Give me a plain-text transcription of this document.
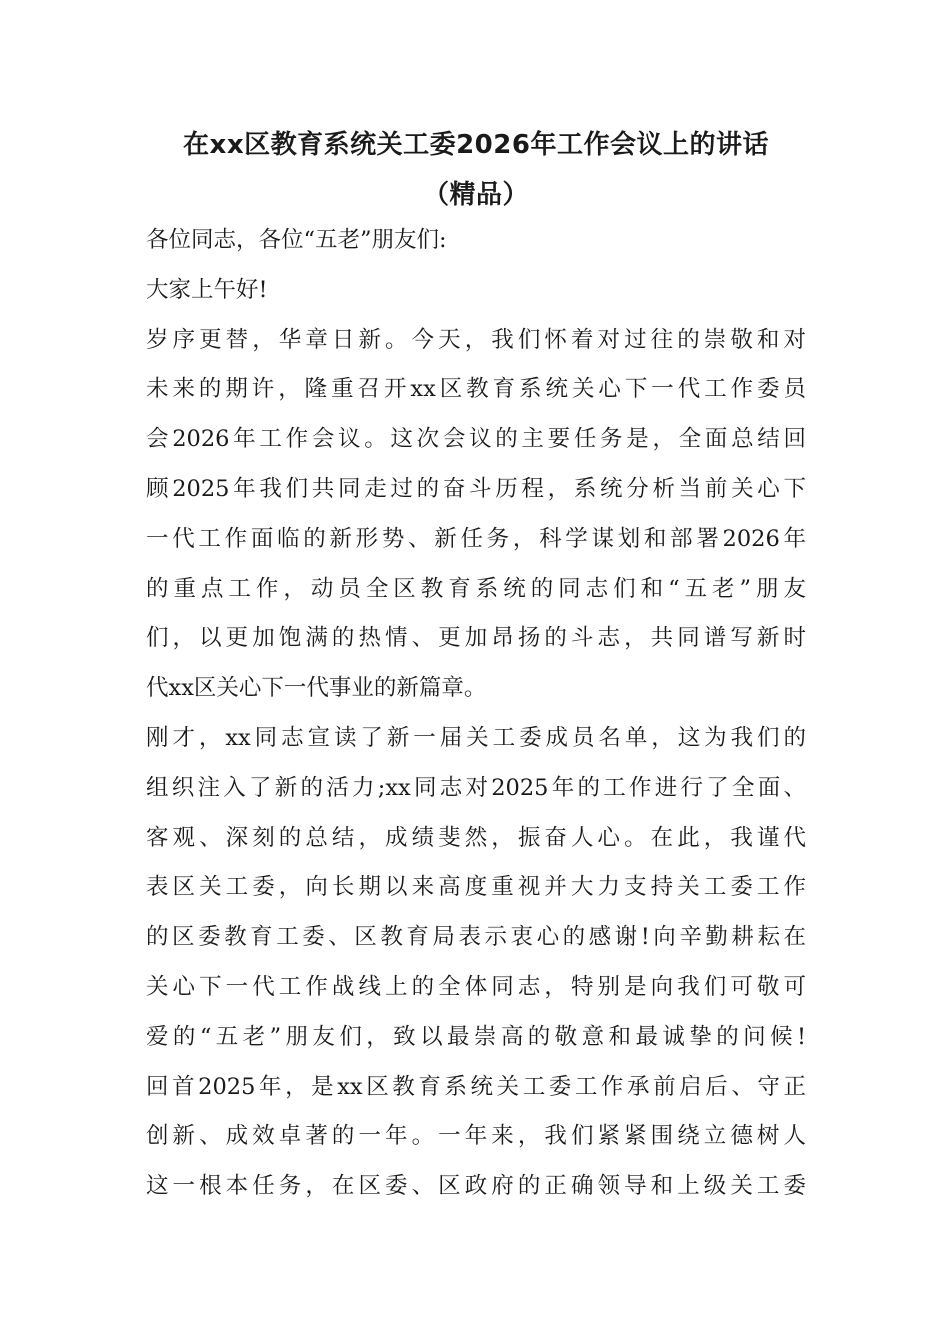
在xx区教育系统关工委2026年工作会议上的讲话
（精品）
各位同志，各位“五老”朋友们:
大家上午好!
岁序更替，华章日新。今天，我们怀着对过往的崇敬和对
未来的期许，隆重召开xx区教育系统关心下一代工作委员
会2026年工作会议。这次会议的主要任务是，全面总结回
顾2025年我们共同走过的奋斗历程，系统分析当前关心下
一代工作面临的新形势、新任务，科学谋划和部署2026年
的重点工作，动员全区教育系统的同志们和“五老”朋友
们，以更加饱满的热情、更加昂扬的斗志，共同谱写新时
代xx区关心下一代事业的新篇章。
刚才，xx同志宣读了新一届关工委成员名单，这为我们的
组织注入了新的活力;xx同志对2025年的工作进行了全面、
客观、深刻的总结，成绩斐然，振奋人心。在此，我谨代
表区关工委，向长期以来高度重视并大力支持关工委工作
的区委教育工委、区教育局表示衷心的感谢!向辛勤耕耘在
关心下一代工作战线上的全体同志，特别是向我们可敬可
爱的“五老”朋友们，致以最崇高的敬意和最诚挚的问候!
回首2025年，是xx区教育系统关工委工作承前启后、守正
创新、成效卓著的一年。一年来，我们紧紧围绕立德树人
这一根本任务，在区委、区政府的正确领导和上级关工委
